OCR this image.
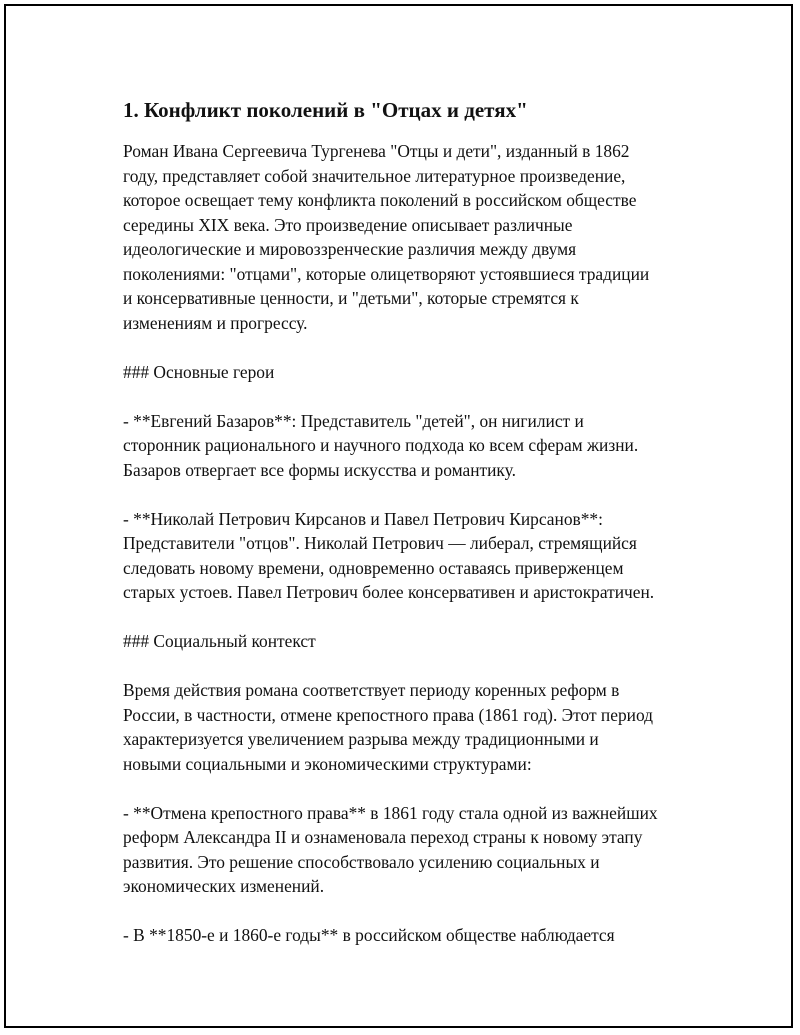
1. Конфликт поколений в "Отцах и детях"
Роман Ивана Сергеевича Тургенева "Отцы и дети", изданный в 1862
году, представляет собой значительное литературное произведение,
которое освещает тему конфликта поколений в российском обществе
середины XIX века. Это произведение описывает различные
идеологические и мировоззренческие различия между двумя
поколениями: "отцами", которые олицетворяют устоявшиеся традиции
и консервативные ценности, и "детьми", которые стремятся к
изменениям и прогрессу.
### Основные герои
- **Евгений Базаров**: Представитель "детей", он нигилист и
сторонник рационального и научного подхода ко всем сферам жизни.
Базаров отвергает все формы искусства и романтику.
- **Николай Петрович Кирсанов и Павел Петрович Кирсанов**:
Представители "отцов". Николай Петрович — либерал, стремящийся
следовать новому времени, одновременно оставаясь приверженцем
старых устоев. Павел Петрович более консервативен и аристократичен.
### Социальный контекст
Время действия романа соответствует периоду коренных реформ в
России, в частности, отмене крепостного права (1861 год). Этот период
характеризуется увеличением разрыва между традиционными и
новыми социальными и экономическими структурами:
- **Отмена крепостного права** в 1861 году стала одной из важнейших
реформ Александра II и ознаменовала переход страны к новому этапу
развития. Это решение способствовало усилению социальных и
экономических изменений.
- В **1850-е и 1860-е годы** в российском обществе наблюдается
